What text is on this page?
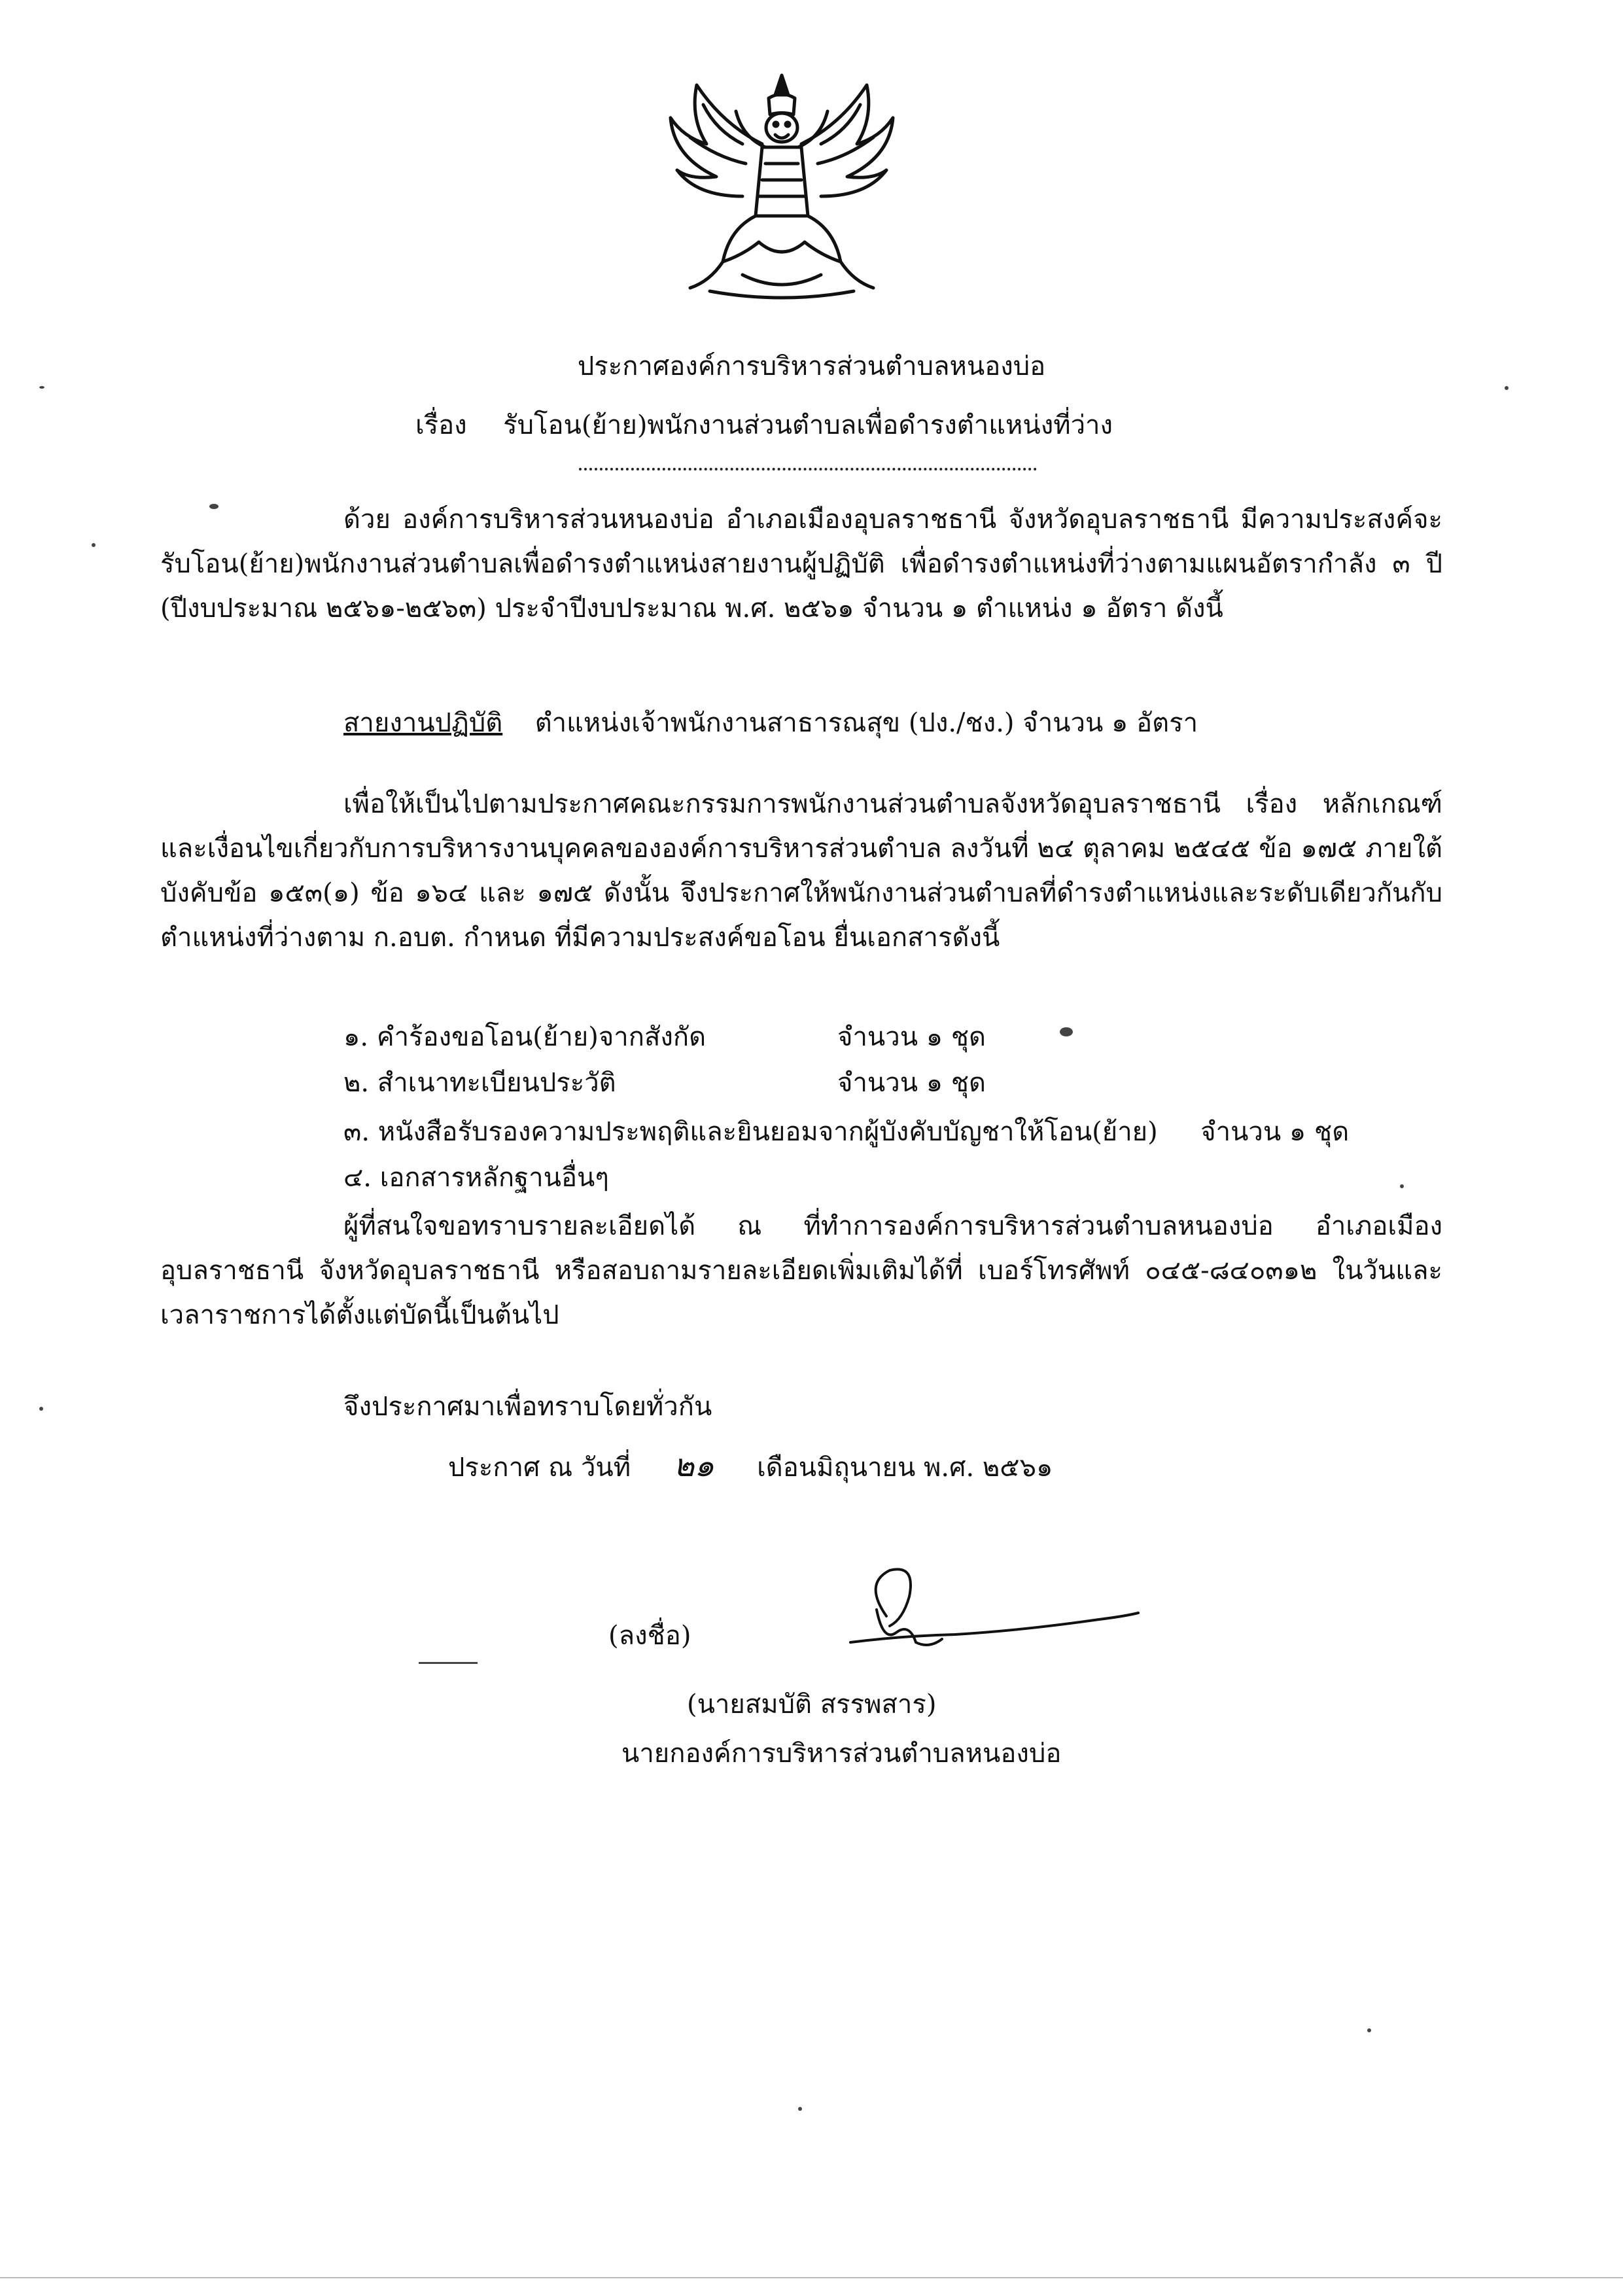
ประกาศองค์การบริหารส่วนตำบลหนองบ่อ
เรื่อง รับโอน(ย้าย)พนักงานส่วนตำบลเพื่อดำรงตำแหน่งที่ว่าง

ด้วย องค์การบริหารส่วนหนองบ่อ อำเภอเมืองอุบลราชธานี จังหวัดอุบลราชธานี มีความประสงค์จะรับโอน(ย้าย)พนักงานส่วนตำบลเพื่อดำรงตำแหน่งสายงานผู้ปฏิบัติ เพื่อดำรงตำแหน่งที่ว่างตามแผนอัตรากำลัง ๓ ปี (ปีงบประมาณ ๒๕๖๑-๒๕๖๓) ประจำปีงบประมาณ พ.ศ. ๒๕๖๑ จำนวน ๑ ตำแหน่ง ๑ อัตรา ดังนี้

สายงานปฏิบัติ ตำแหน่งเจ้าพนักงานสาธารณสุข (ปง./ชง.) จำนวน ๑ อัตรา

เพื่อให้เป็นไปตามประกาศคณะกรรมการพนักงานส่วนตำบลจังหวัดอุบลราชธานี เรื่อง หลักเกณฑ์และเงื่อนไขเกี่ยวกับการบริหารงานบุคคลขององค์การบริหารส่วนตำบล ลงวันที่ ๒๔ ตุลาคม ๒๕๔๕ ข้อ ๑๗๕ ภายใต้บังคับข้อ ๑๕๓(๑) ข้อ ๑๖๔ และ ๑๗๕ ดังนั้น จึงประกาศให้พนักงานส่วนตำบลที่ดำรงตำแหน่งและระดับเดียวกันกับตำแหน่งที่ว่างตาม ก.อบต. กำหนด ที่มีความประสงค์ขอโอน ยื่นเอกสารดังนี้

๑. คำร้องขอโอน(ย้าย)จากสังกัด	จำนวน ๑ ชุด
๒. สำเนาทะเบียนประวัติ	จำนวน ๑ ชุด
๓. หนังสือรับรองความประพฤติและยินยอมจากผู้บังคับบัญชาให้โอน(ย้าย) จำนวน ๑ ชุด
๔. เอกสารหลักฐานอื่นๆ

ผู้ที่สนใจขอทราบรายละเอียดได้ ณ ที่ทำการองค์การบริหารส่วนตำบลหนองบ่อ อำเภอเมืองอุบลราชธานี จังหวัดอุบลราชธานี หรือสอบถามรายละเอียดเพิ่มเติมได้ที่ เบอร์โทรศัพท์ ๐๔๕-๘๔๐๓๑๒ ในวันและเวลาราชการได้ตั้งแต่บัดนี้เป็นต้นไป

จึงประกาศมาเพื่อทราบโดยทั่วกัน
ประกาศ ณ วันที่ ๒๑ เดือนมิถุนายน พ.ศ. ๒๕๖๑
(ลงชื่อ)
(นายสมบัติ สรรพสาร)
นายกองค์การบริหารส่วนตำบลหนองบ่อ
